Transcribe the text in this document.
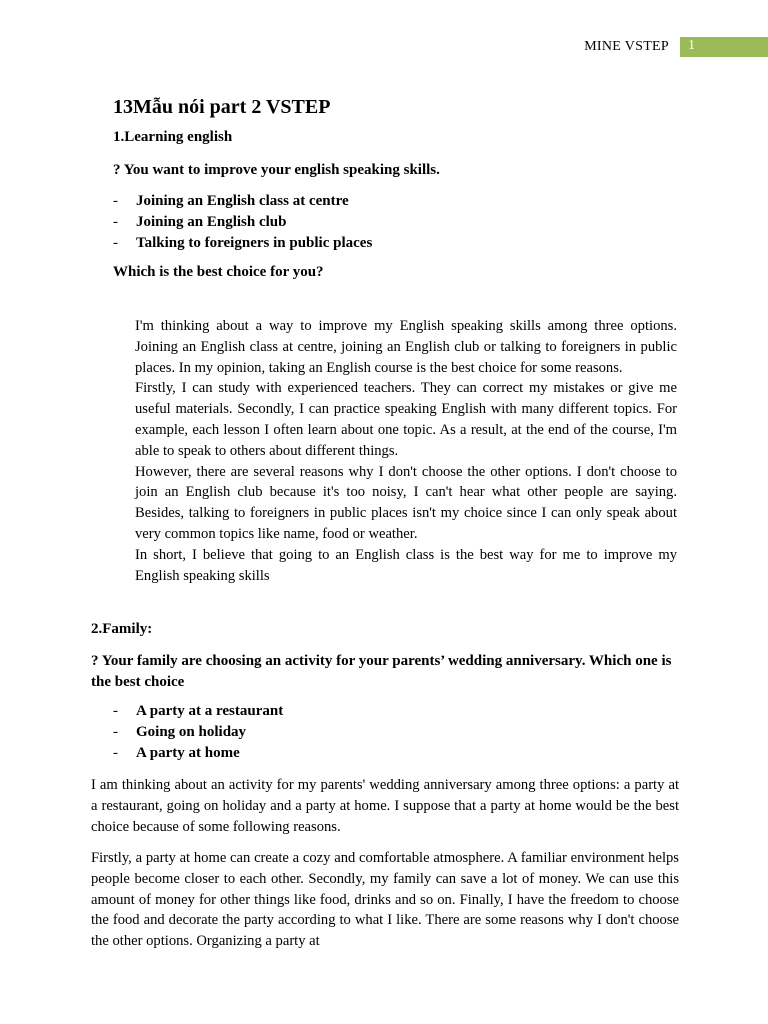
MINE VSTEP 1
13Mẫu nói part 2 VSTEP
1.Learning english
? You want to improve your english speaking skills.
- Joining an English class at centre
- Joining an English club
- Talking to foreigners in public places
Which is the best choice for you?

I'm thinking about a way to improve my English speaking skills among three options. Joining an English class at centre, joining an English club or talking to foreigners in public places. In my opinion, taking an English course is the best choice for some reasons.

Firstly, I can study with experienced teachers. They can correct my mistakes or give me useful materials. Secondly, I can practice speaking English with many different topics. For example, each lesson I often learn about one topic. As a result, at the end of the course, I'm able to speak to others about different things.

However, there are several reasons why I don't choose the other options. I don't choose to join an English club because it's too noisy, I can't hear what other people are saying. Besides, talking to foreigners in public places isn't my choice since I can only speak about very common topics like name, food or weather.

In short, I believe that going to an English class is the best way for me to improve my English speaking skills

2.Family:
? Your family are choosing an activity for your parents’ wedding anniversary. Which one is the best choice
- A party at a restaurant
- Going on holiday
- A party at home

I am thinking about an activity for my parents' wedding anniversary among three options: a party at a restaurant, going on holiday and a party at home. I suppose that a party at home would be the best choice because of some following reasons.

Firstly, a party at home can create a cozy and comfortable atmosphere. A familiar environment helps people become closer to each other. Secondly, my family can save a lot of money. We can use this amount of money for other things like food, drinks and so on. Finally, I have the freedom to choose the food and decorate the party according to what I like. There are some reasons why I don't choose the other options. Organizing a party at
